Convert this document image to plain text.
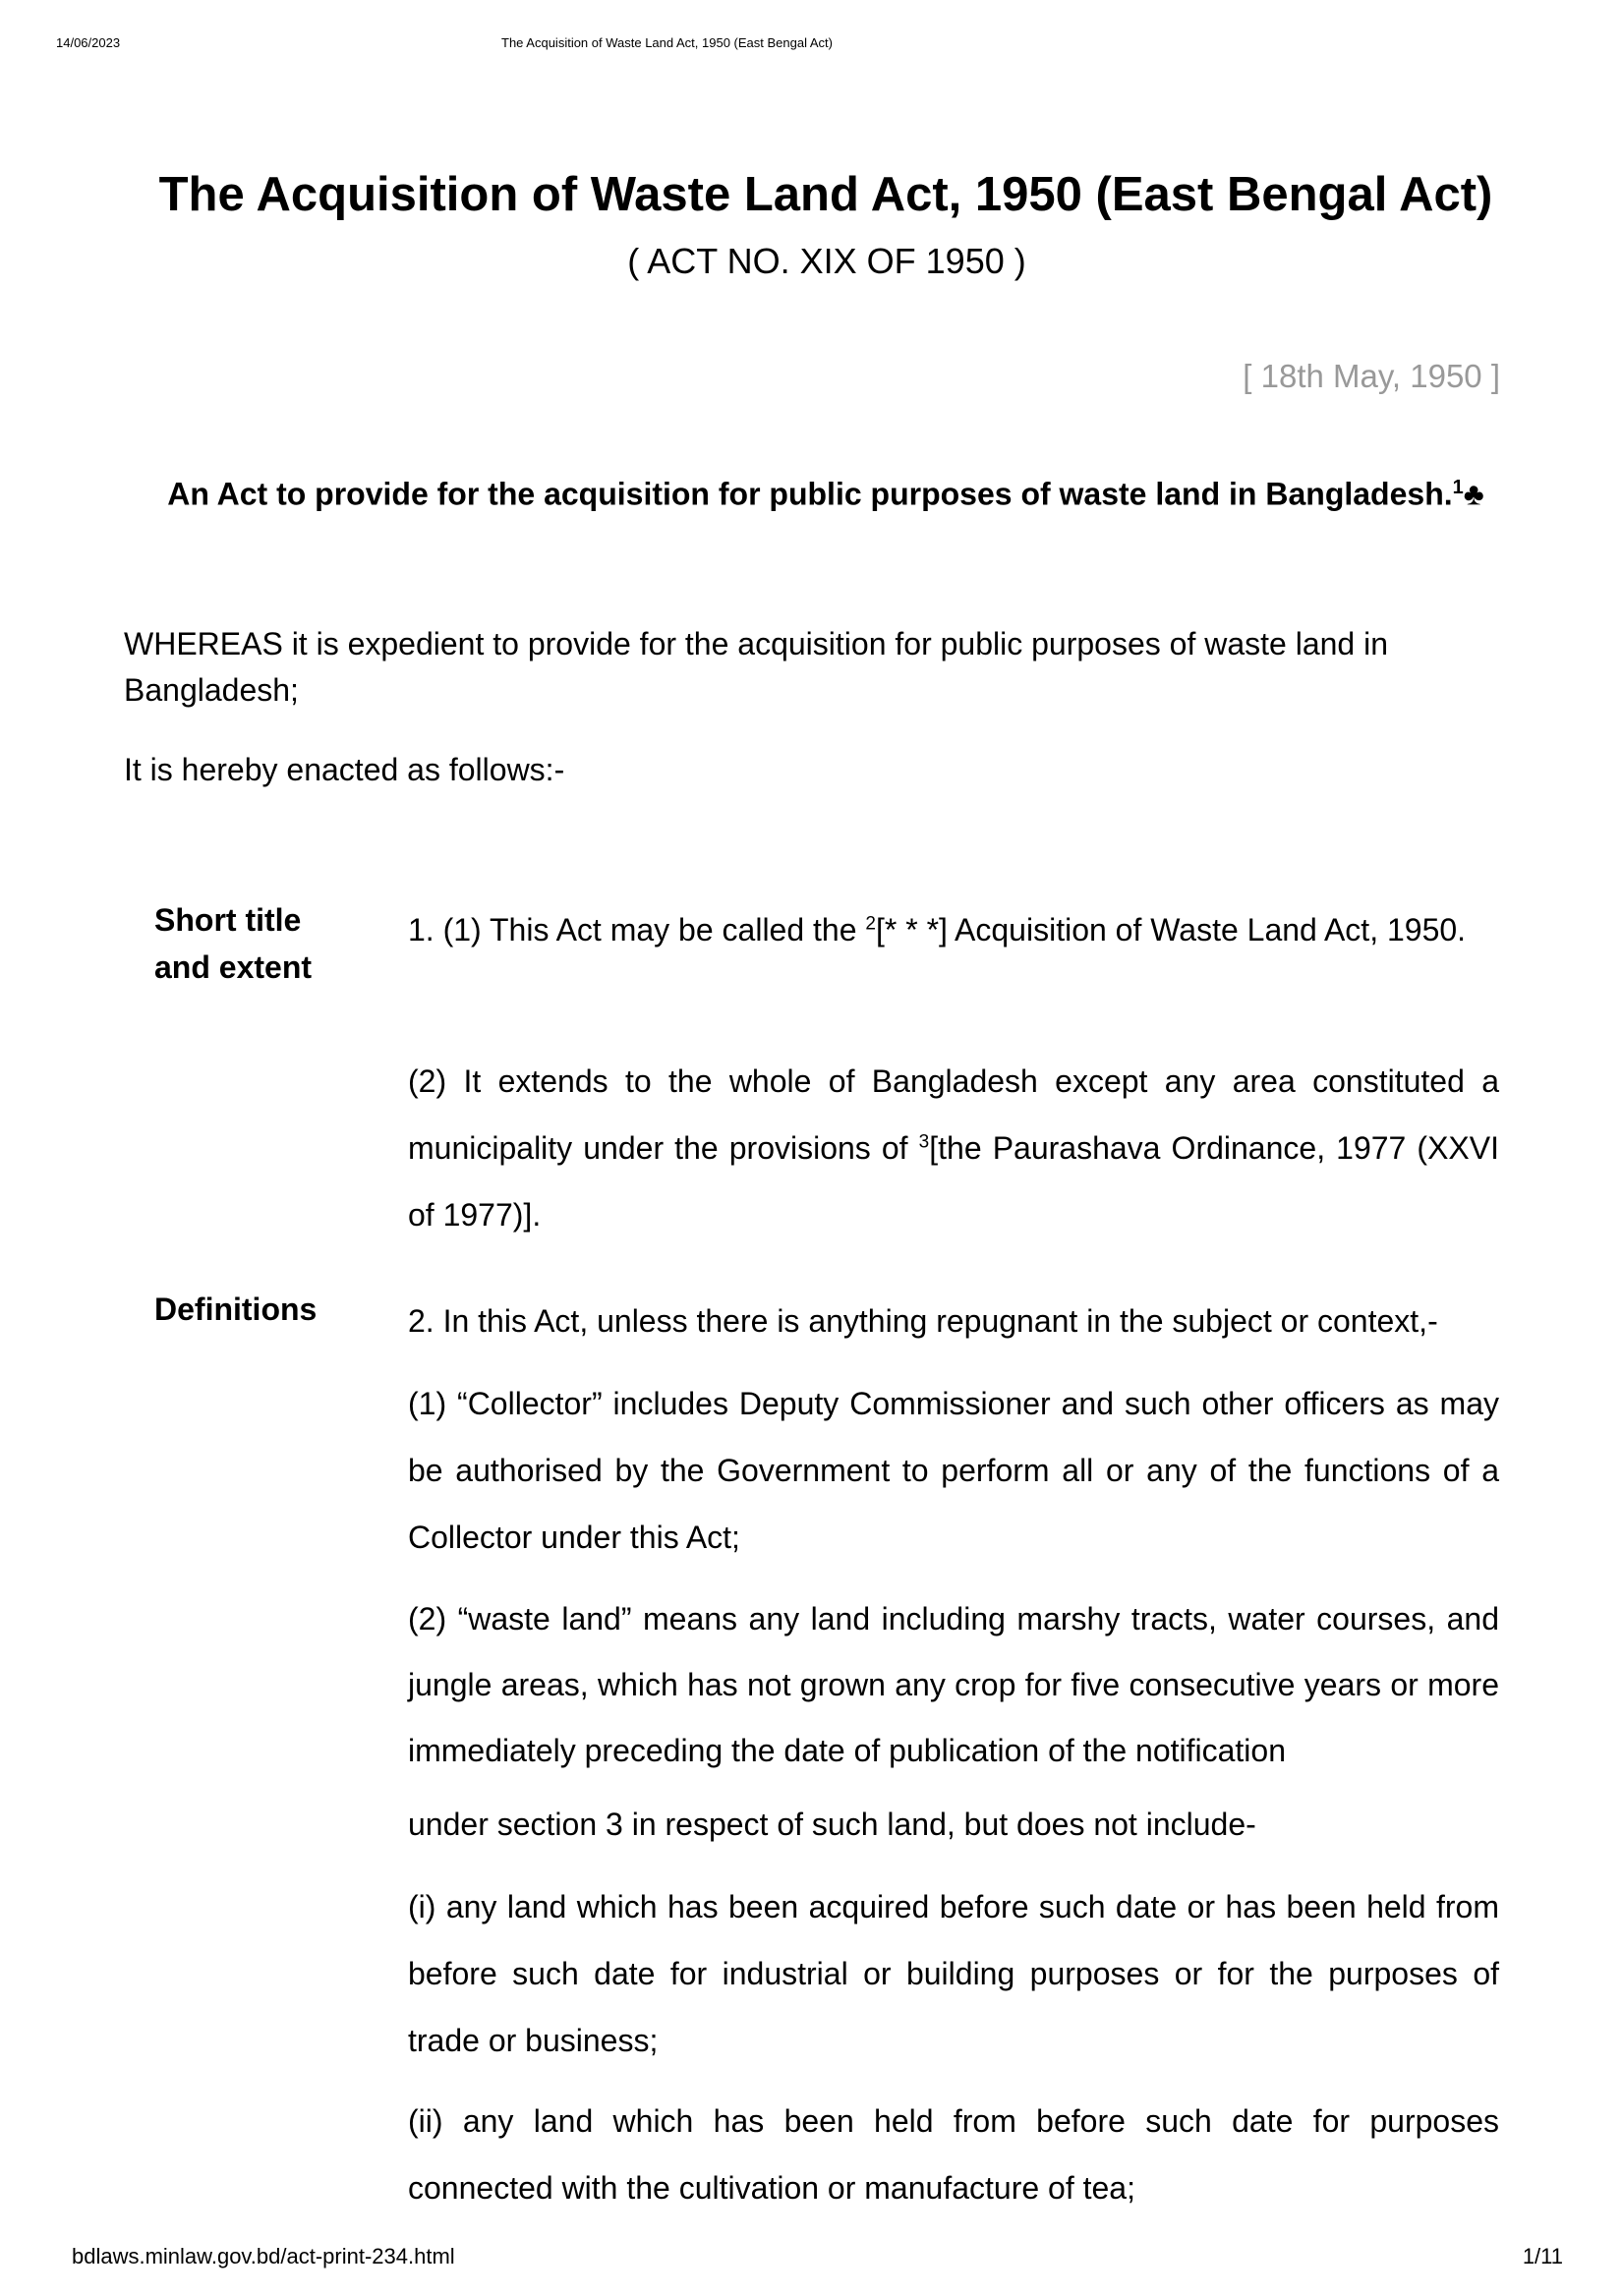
14/06/2023	The Acquisition of Waste Land Act, 1950 (East Bengal Act)
The Acquisition of Waste Land Act, 1950 (East Bengal Act)
( ACT NO. XIX OF 1950 )
[ 18th May, 1950 ]
An Act to provide for the acquisition for public purposes of waste land in Bangladesh.$^1$♣
WHEREAS it is expedient to provide for the acquisition for public purposes of waste land in Bangladesh;
It is hereby enacted as follows:-
Short title and extent
1. (1) This Act may be called the $^2$[* * *] Acquisition of Waste Land Act, 1950.
(2) It extends to the whole of Bangladesh except any area constituted a municipality under the provisions of $^3$[the Paurashava Ordinance, 1977 (XXVI of 1977)].
Definitions	2. In this Act, unless there is anything repugnant in the subject or context,-
(1) “Collector” includes Deputy Commissioner and such other officers as may be authorised by the Government to perform all or any of the functions of a Collector under this Act;
(2) “waste land” means any land including marshy tracts, water courses, and jungle areas, which has not grown any crop for five consecutive years or more immediately preceding the date of publication of the notification
under section 3 in respect of such land, but does not include-
(i) any land which has been acquired before such date or has been held from before such date for industrial or building purposes or for the purposes of trade or business;
(ii) any land which has been held from before such date for purposes connected with the cultivation or manufacture of tea;
bdlaws.minlaw.gov.bd/act-print-234.html	1/11
